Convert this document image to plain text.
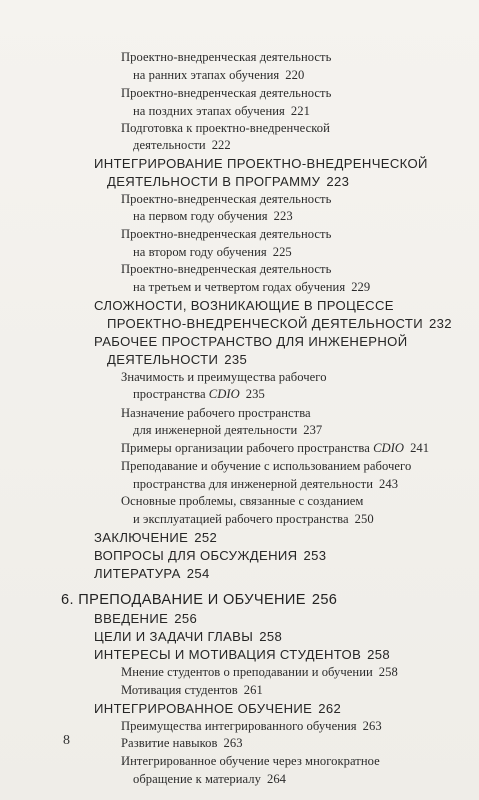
Проектно-внедренческая деятельность
на ранних этапах обучения 220
Проектно-внедренческая деятельность
на поздних этапах обучения 221
Подготовка к проектно-внедренческой
деятельности 222
ИНТЕГРИРОВАНИЕ ПРОЕКТНО-ВНЕДРЕНЧЕСКОЙ
ДЕЯТЕЛЬНОСТИ В ПРОГРАММУ 223
Проектно-внедренческая деятельность
на первом году обучения 223
Проектно-внедренческая деятельность
на втором году обучения 225
Проектно-внедренческая деятельность
на третьем и четвертом годах обучения 229
СЛОЖНОСТИ, ВОЗНИКАЮЩИЕ В ПРОЦЕССЕ
ПРОЕКТНО-ВНЕДРЕНЧЕСКОЙ ДЕЯТЕЛЬНОСТИ 232
РАБОЧЕЕ ПРОСТРАНСТВО ДЛЯ ИНЖЕНЕРНОЙ
ДЕЯТЕЛЬНОСТИ 235
Значимость и преимущества рабочего
пространства CDIO 235
Назначение рабочего пространства
для инженерной деятельности 237
Примеры организации рабочего пространства CDIO 241
Преподавание и обучение с использованием рабочего
пространства для инженерной деятельности 243
Основные проблемы, связанные с созданием
и эксплуатацией рабочего пространства 250
ЗАКЛЮЧЕНИЕ 252
ВОПРОСЫ ДЛЯ ОБСУЖДЕНИЯ 253
ЛИТЕРАТУРА 254
6. ПРЕПОДАВАНИЕ И ОБУЧЕНИЕ 256
ВВЕДЕНИЕ 256
ЦЕЛИ И ЗАДАЧИ ГЛАВЫ 258
ИНТЕРЕСЫ И МОТИВАЦИЯ СТУДЕНТОВ 258
Мнение студентов о преподавании и обучении 258
Мотивация студентов 261
ИНТЕГРИРОВАННОЕ ОБУЧЕНИЕ 262
Преимущества интегрированного обучения 263
Развитие навыков 263
Интегрированное обучение через многократное
обращение к материалу 264
8
